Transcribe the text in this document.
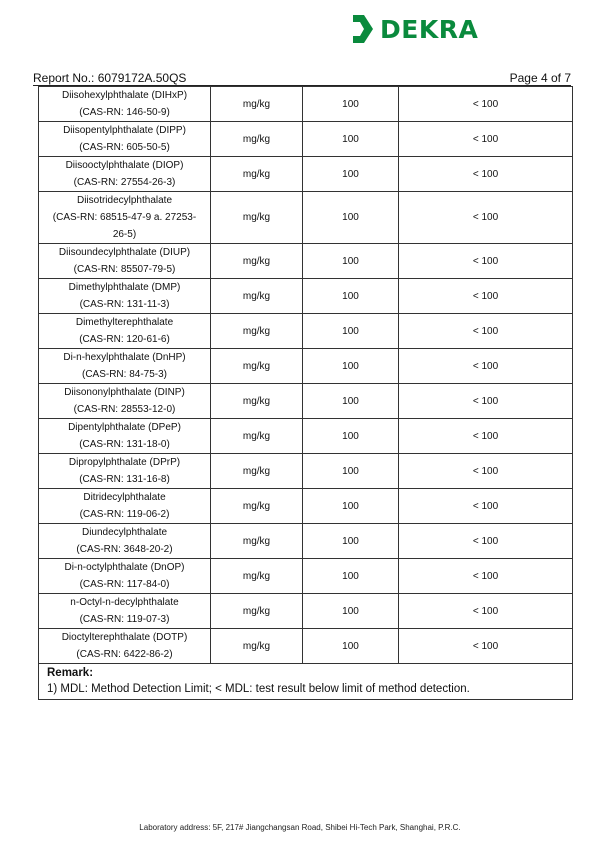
DEKRA
Report No.: 6079172A.50QS	Page 4 of 7
Diisohexylphthalate (DIHxP)
(CAS-RN: 146-50-9)	mg/kg	100	< 100

Diisopentylphthalate (DIPP)
(CAS-RN: 605-50-5)	mg/kg	100	< 100

Diisooctylphthalate (DIOP)
(CAS-RN: 27554-26-3)	mg/kg	100	< 100

Diisotridecylphthalate
(CAS-RN: 68515-47-9 a. 27253-
26-5)	mg/kg	100	< 100

Diisoundecylphthalate (DIUP)
(CAS-RN: 85507-79-5)	mg/kg	100	< 100

Dimethylphthalate (DMP)
(CAS-RN: 131-11-3)	mg/kg	100	< 100

Dimethylterephthalate
(CAS-RN: 120-61-6)	mg/kg	100	< 100

Di-n-hexylphthalate (DnHP)
(CAS-RN: 84-75-3)	mg/kg	100	< 100

Diisononylphthalate (DINP)
(CAS-RN: 28553-12-0)	mg/kg	100	< 100

Dipentylphthalate (DPeP)
(CAS-RN: 131-18-0)	mg/kg	100	< 100

Dipropylphthalate (DPrP)
(CAS-RN: 131-16-8)	mg/kg	100	< 100

Ditridecylphthalate
(CAS-RN: 119-06-2)	mg/kg	100	< 100

Diundecylphthalate
(CAS-RN: 3648-20-2)	mg/kg	100	< 100

Di-n-octylphthalate (DnOP)
(CAS-RN: 117-84-0)	mg/kg	100	< 100

n-Octyl-n-decylphthalate
(CAS-RN: 119-07-3)	mg/kg	100	< 100

Dioctylterephthalate (DOTP)
(CAS-RN: 6422-86-2)	mg/kg	100	< 100

Remark:
1) MDL: Method Detection Limit; < MDL: test result below limit of method detection.			
Laboratory address: 5F, 217# Jiangchangsan Road, Shibei Hi-Tech Park, Shanghai, P.R.C.
